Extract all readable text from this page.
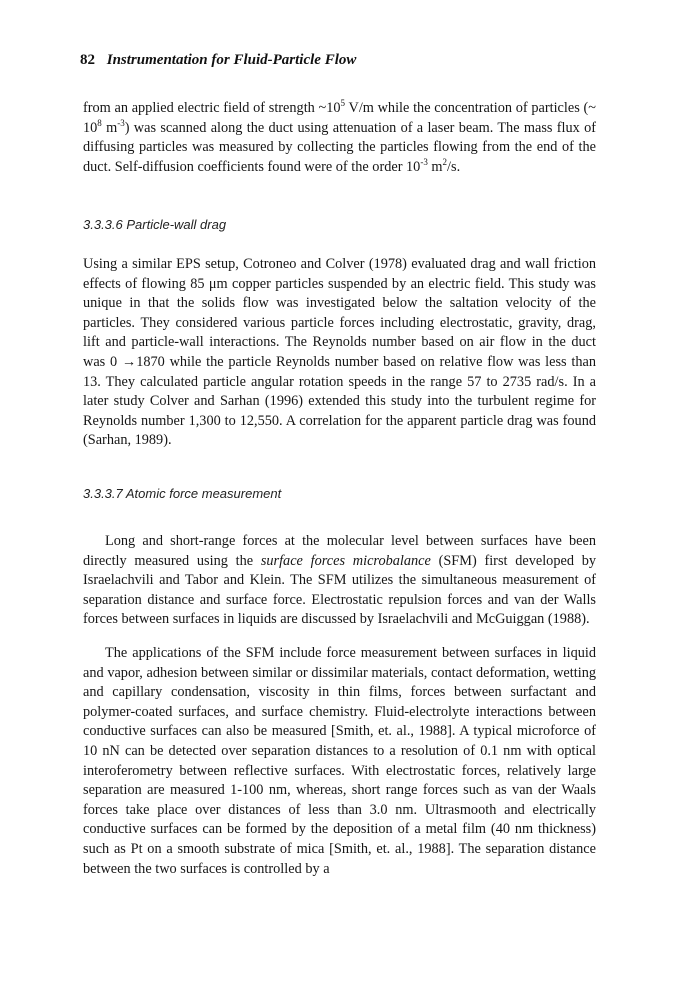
82 Instrumentation for Fluid-Particle Flow

from an applied electric field of strength $\sim 10^5$ V/m while the concentration of particles (~ $10^8$ $m^{-3}$) was scanned along the duct using attenuation of a laser beam. The mass flux of diffusing particles was measured by collecting the particles flowing from the end of the duct. Self-diffusion coefficients found were of the order $10^{-3}$ $m^2/s$.

3.3.3.6 Particle-wall drag

Using a similar EPS setup, Cotroneo and Colver (1978) evaluated drag and wall friction effects of flowing 85 μm copper particles suspended by an electric field. This study was unique in that the solids flow was investigated below the saltation velocity of the particles. They considered various particle forces including electrostatic, gravity, drag, lift and particle-wall interactions. The Reynolds number based on air flow in the duct was 0 →1870 while the particle Reynolds number based on relative flow was less than 13. They calculated particle angular rotation speeds in the range 57 to 2735 rad/s. In a later study Colver and Sarhan (1996) extended this study into the turbulent regime for Reynolds number 1,300 to 12,550. A correlation for the apparent particle drag was found (Sarhan, 1989).

3.3.3.7 Atomic force measurement

Long and short-range forces at the molecular level between surfaces have been directly measured using the surface forces microbalance (SFM) first developed by Israelachvili and Tabor and Klein. The SFM utilizes the simultaneous measurement of separation distance and surface force. Electrostatic repulsion forces and van der Walls forces between surfaces in liquids are discussed by Israelachvili and McGuiggan (1988).

The applications of the SFM include force measurement between surfaces in liquid and vapor, adhesion between similar or dissimilar materials, contact deformation, wetting and capillary condensation, viscosity in thin films, forces between surfactant and polymer-coated surfaces, and surface chemistry. Fluid-electrolyte interactions between conductive surfaces can also be measured [Smith, et. al., 1988]. A typical microforce of 10 nN can be detected over separation distances to a resolution of 0.1 nm with optical interoferometry between reflective surfaces. With electrostatic forces, relatively large separation are measured 1-100 nm, whereas, short range forces such as van der Waals forces take place over distances of less than 3.0 nm. Ultrasmooth and electrically conductive surfaces can be formed by the deposition of a metal film (40 nm thickness) such as Pt on a smooth substrate of mica [Smith, et. al., 1988]. The separation distance between the two surfaces is controlled by a
